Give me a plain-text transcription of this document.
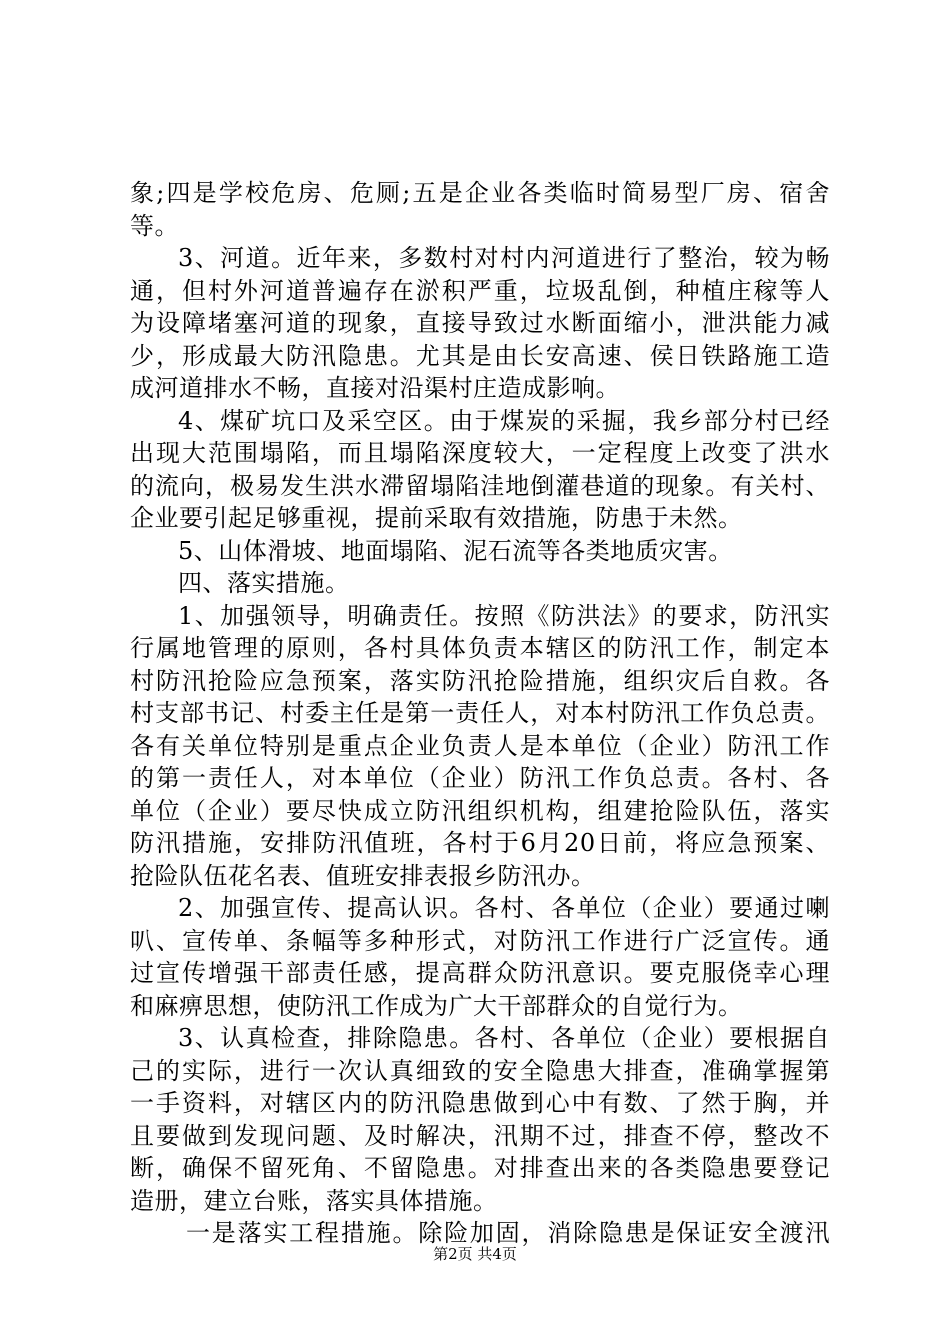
象;四是学校危房、危厕;五是企业各类临时简易型厂房、宿舍
等。
3、河道。近年来，多数村对村内河道进行了整治，较为畅
通，但村外河道普遍存在淤积严重，垃圾乱倒，种植庄稼等人
为设障堵塞河道的现象，直接导致过水断面缩小，泄洪能力减
少，形成最大防汛隐患。尤其是由长安高速、侯日铁路施工造
成河道排水不畅，直接对沿渠村庄造成影响。
4、煤矿坑口及采空区。由于煤炭的采掘，我乡部分村已经
出现大范围塌陷，而且塌陷深度较大，一定程度上改变了洪水
的流向，极易发生洪水滞留塌陷洼地倒灌巷道的现象。有关村、
企业要引起足够重视，提前采取有效措施，防患于未然。
5、山体滑坡、地面塌陷、泥石流等各类地质灾害。
四、落实措施。
1、加强领导，明确责任。按照《防洪法》的要求，防汛实
行属地管理的原则，各村具体负责本辖区的防汛工作，制定本
村防汛抢险应急预案，落实防汛抢险措施，组织灾后自救。各
村支部书记、村委主任是第一责任人，对本村防汛工作负总责。
各有关单位特别是重点企业负责人是本单位（企业）防汛工作
的第一责任人，对本单位（企业）防汛工作负总责。各村、各
单位（企业）要尽快成立防汛组织机构，组建抢险队伍，落实
防汛措施，安排防汛值班，各村于6月20日前，将应急预案、
抢险队伍花名表、值班安排表报乡防汛办。
2、加强宣传、提高认识。各村、各单位（企业）要通过喇
叭、宣传单、条幅等多种形式，对防汛工作进行广泛宣传。通
过宣传增强干部责任感，提高群众防汛意识。要克服侥幸心理
和麻痹思想，使防汛工作成为广大干部群众的自觉行为。
3、认真检查，排除隐患。各村、各单位（企业）要根据自
己的实际，进行一次认真细致的安全隐患大排查，准确掌握第
一手资料，对辖区内的防汛隐患做到心中有数、了然于胸，并
且要做到发现问题、及时解决，汛期不过，排查不停，整改不
断，确保不留死角、不留隐患。对排查出来的各类隐患要登记
造册，建立台账，落实具体措施。
一是落实工程措施。除险加固，消除隐患是保证安全渡汛
第2页 共4页
